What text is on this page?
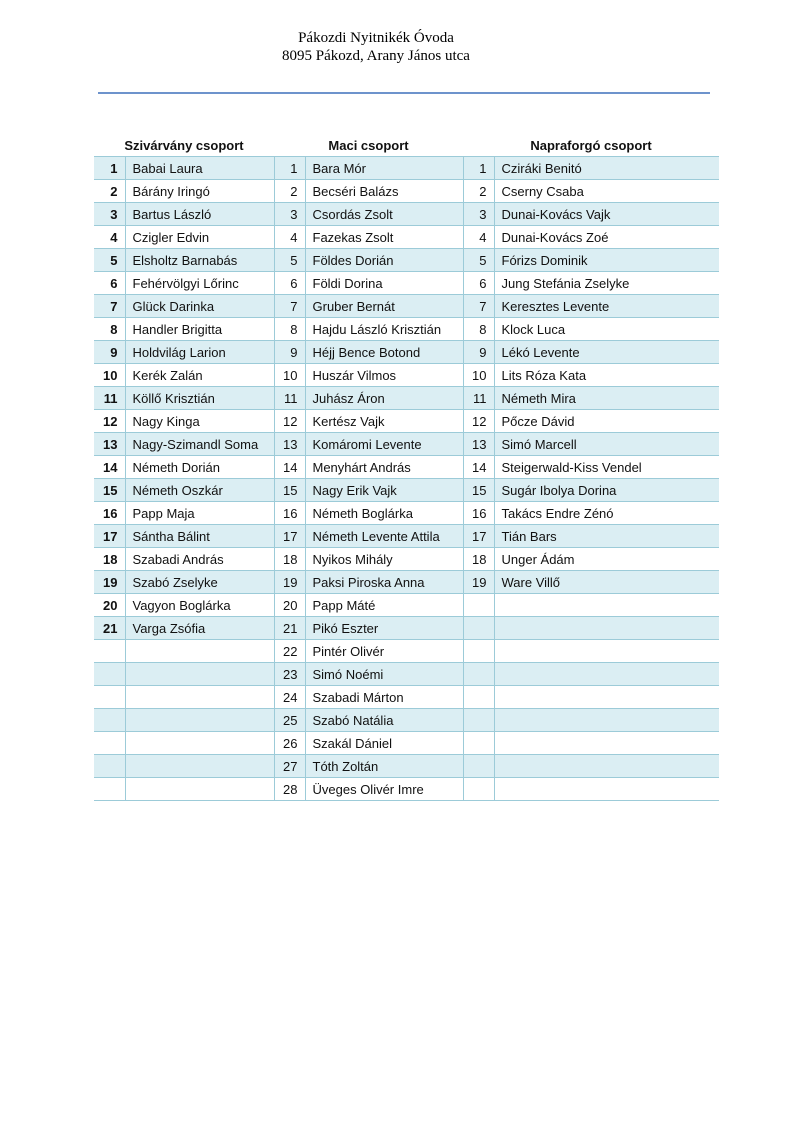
Pákozdi Nyitnikék Óvoda
8095 Pákozd, Arany János utca
Szivárvány csoport		Maci csoport		Napraforgó csoport	
1	Babai Laura	1	Bara Mór	1	Cziráki Benitó
2	Bárány Iringó	2	Becséri Balázs	2	Cserny Csaba
3	Bartus László	3	Csordás Zsolt	3	Dunai-Kovács Vajk
4	Czigler Edvin	4	Fazekas Zsolt	4	Dunai-Kovács Zoé
5	Elsholtz Barnabás	5	Földes Dorián	5	Fórizs Dominik
6	Fehérvölgyi Lőrinc	6	Földi Dorina	6	Jung Stefánia Zselyke
7	Glück Darinka	7	Gruber Bernát	7	Keresztes Levente
8	Handler Brigitta	8	Hajdu László Krisztián	8	Klock Luca
9	Holdvilág Larion	9	Héjj Bence Botond	9	Lékó Levente
10	Kerék Zalán	10	Huszár Vilmos	10	Lits Róza Kata
11	Köllő Krisztián	11	Juhász Áron	11	Németh Mira
12	Nagy Kinga	12	Kertész Vajk	12	Pőcze Dávid
13	Nagy-Szimandl Soma	13	Komáromi Levente	13	Simó Marcell
14	Németh Dorián	14	Menyhárt András	14	Steigerwald-Kiss Vendel
15	Németh Oszkár	15	Nagy Erik Vajk	15	Sugár Ibolya Dorina
16	Papp Maja	16	Németh Boglárka	16	Takács Endre Zénó
17	Sántha Bálint	17	Németh Levente Attila	17	Tián Bars
18	Szabadi András	18	Nyikos Mihály	18	Unger Ádám
19	Szabó Zselyke	19	Paksi Piroska Anna	19	Ware Villő
20	Vagyon Boglárka	20	Papp Máté		
21	Varga Zsófia	21	Pikó Eszter		
		22	Pintér Olivér		
		23	Simó Noémi		
		24	Szabadi Márton		
		25	Szabó Natália		
		26	Szakál Dániel		
		27	Tóth Zoltán		
		28	Üveges Olivér Imre		
